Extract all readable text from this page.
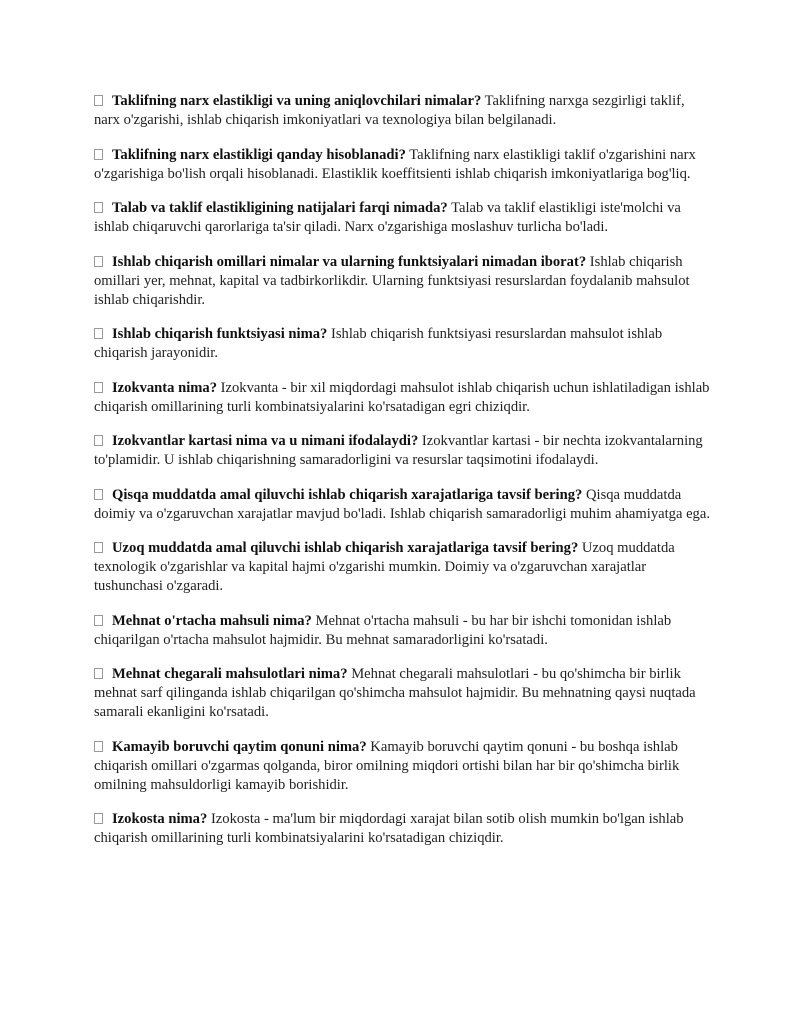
Taklifning narx elastikligi va uning aniqlovchilari nimalar? Taklifning narxga sezgirligi taklif, narx o'zgarishi, ishlab chiqarish imkoniyatlari va texnologiya bilan belgilanadi.

Taklifning narx elastikligi qanday hisoblanadi? Taklifning narx elastikligi taklif o'zgarishini narx o'zgarishiga bo'lish orqali hisoblanadi. Elastiklik koeffitsienti ishlab chiqarish imkoniyatlariga bog'liq.

Talab va taklif elastikligining natijalari farqi nimada? Talab va taklif elastikligi iste'molchi va ishlab chiqaruvchi qarorlariga ta'sir qiladi. Narx o'zgarishiga moslashuv turlicha bo'ladi.

Ishlab chiqarish omillari nimalar va ularning funktsiyalari nimadan iborat? Ishlab chiqarish omillari yer, mehnat, kapital va tadbirkorlikdir. Ularning funktsiyasi resurslardan foydalanib mahsulot ishlab chiqarishdir.

Ishlab chiqarish funktsiyasi nima? Ishlab chiqarish funktsiyasi resurslardan mahsulot ishlab chiqarish jarayonidir.

Izokvanta nima? Izokvanta - bir xil miqdordagi mahsulot ishlab chiqarish uchun ishlatiladigan ishlab chiqarish omillarining turli kombinatsiyalarini ko'rsatadigan egri chiziqdir.

Izokvantlar kartasi nima va u nimani ifodalaydi? Izokvantlar kartasi - bir nechta izokvantalarning to'plamidir. U ishlab chiqarishning samaradorligini va resurslar taqsimotini ifodalaydi.

Qisqa muddatda amal qiluvchi ishlab chiqarish xarajatlariga tavsif bering? Qisqa muddatda doimiy va o'zgaruvchan xarajatlar mavjud bo'ladi. Ishlab chiqarish samaradorligi muhim ahamiyatga ega.

Uzoq muddatda amal qiluvchi ishlab chiqarish xarajatlariga tavsif bering? Uzoq muddatda texnologik o'zgarishlar va kapital hajmi o'zgarishi mumkin. Doimiy va o'zgaruvchan xarajatlar tushunchasi o'zgaradi.

Mehnat o'rtacha mahsuli nima? Mehnat o'rtacha mahsuli - bu har bir ishchi tomonidan ishlab chiqarilgan o'rtacha mahsulot hajmidir. Bu mehnat samaradorligini ko'rsatadi.

Mehnat chegarali mahsulotlari nima? Mehnat chegarali mahsulotlari - bu qo'shimcha bir birlik mehnat sarf qilinganda ishlab chiqarilgan qo'shimcha mahsulot hajmidir. Bu mehnatning qaysi nuqtada samarali ekanligini ko'rsatadi.

Kamayib boruvchi qaytim qonuni nima? Kamayib boruvchi qaytim qonuni - bu boshqa ishlab chiqarish omillari o'zgarmas qolganda, biror omilning miqdori ortishi bilan har bir qo'shimcha birlik omilning mahsuldorligi kamayib borishidir.

Izokosta nima? Izokosta - ma'lum bir miqdordagi xarajat bilan sotib olish mumkin bo'lgan ishlab chiqarish omillarining turli kombinatsiyalarini ko'rsatadigan chiziqdir.
